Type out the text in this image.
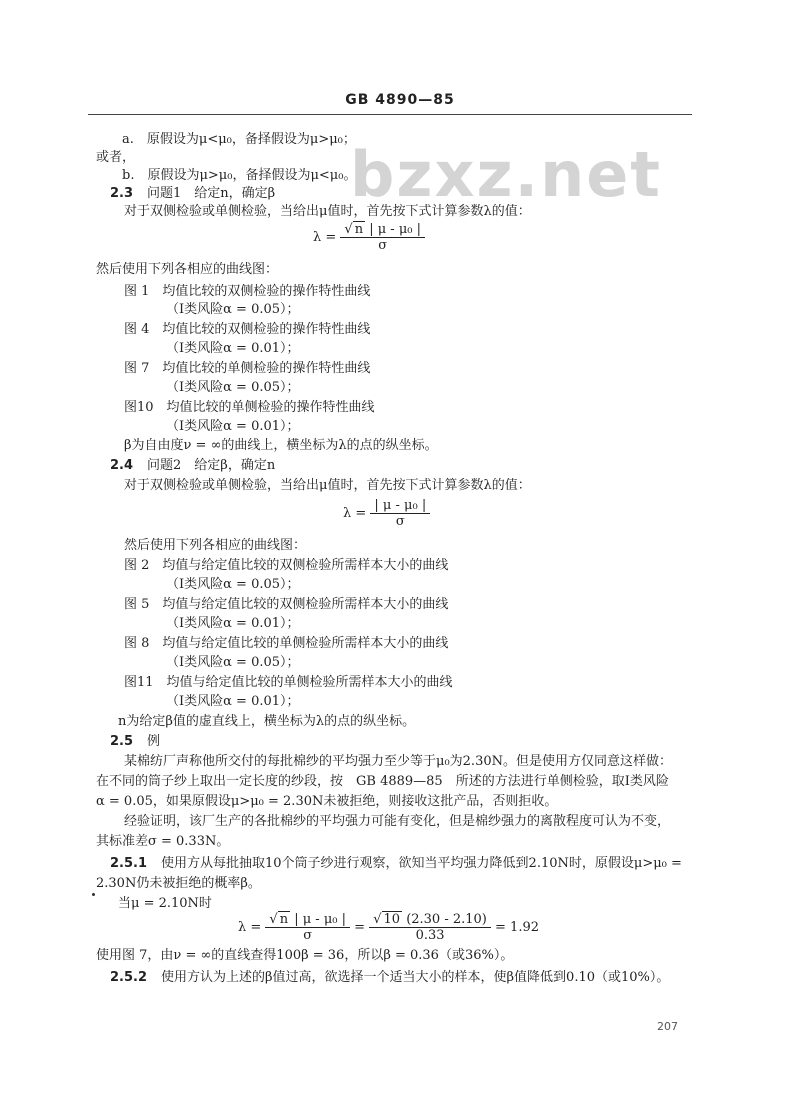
GB 4890—85
bzxz.net
a.　原假设为μ<μ₀，备择假设为μ>μ₀；
或者，
b.　原假设为μ>μ₀，备择假设为μ<μ₀。
2.3 问题1　给定n，确定β
对于双侧检验或单侧检验，当给出μ值时，首先按下式计算参数λ的值：
$\lambda = \frac{\text{√ n | μ - μ₀ |}}{\sigma}$
然后使用下列各相应的曲线图：
图 1　均值比较的双侧检验的操作特性曲线
（Ⅰ类风险α = 0.05）；
图 4　均值比较的双侧检验的操作特性曲线
（Ⅰ类风险α = 0.01）；
图 7　均值比较的单侧检验的操作特性曲线
（Ⅰ类风险α = 0.05）；
图10　均值比较的单侧检验的操作特性曲线
（Ⅰ类风险α = 0.01）；
β为自由度ν = ∞的曲线上，横坐标为λ的点的纵坐标。
2.4 问题2　给定β，确定n
对于双侧检验或单侧检验，当给出μ值时，首先按下式计算参数λ的值：
$\lambda = \frac{\text{| μ - μ₀ |}}{\sigma}$
然后使用下列各相应的曲线图：
图 2　均值与给定值比较的双侧检验所需样本大小的曲线
（Ⅰ类风险α = 0.05）；
图 5　均值与给定值比较的双侧检验所需样本大小的曲线
（Ⅰ类风险α = 0.01）；
图 8　均值与给定值比较的单侧检验所需样本大小的曲线
（Ⅰ类风险α = 0.05）；
图11　均值与给定值比较的单侧检验所需样本大小的曲线
（Ⅰ类风险α = 0.01）；
n为给定β值的虚直线上，横坐标为λ的点的纵坐标。
2.5 例
某棉纺厂声称他所交付的每批棉纱的平均强力至少等于μ₀为2.30N。但是使用方仅同意这样做：
在不同的筒子纱上取出一定长度的纱段，按　GB 4889—85　所述的方法进行单侧检验，取Ⅰ类风险
α = 0.05，如果原假设μ>μ₀ = 2.30N未被拒绝，则接收这批产品，否则拒收。
经验证明，该厂生产的各批棉纱的平均强力可能有变化，但是棉纱强力的离散程度可认为不变，
其标准差σ = 0.33N。
2.5.1 使用方从每批抽取10个筒子纱进行观察，欲知当平均强力降低到2.10N时，原假设μ>μ₀ =
2.30N仍未被拒绝的概率β。
当μ = 2.10N时
$\lambda = \frac{\text{√ n | μ - μ₀ |}}{\sigma} = \frac{√ 10 (2.30 - 2.10)}{0.33} = 1.92$
使用图 7，由ν = ∞的直线查得100β = 36，所以β = 0.36（或36%）。
2.5.2 使用方认为上述的β值过高，欲选择一个适当大小的样本，使β值降低到0.10（或10%）。
207
